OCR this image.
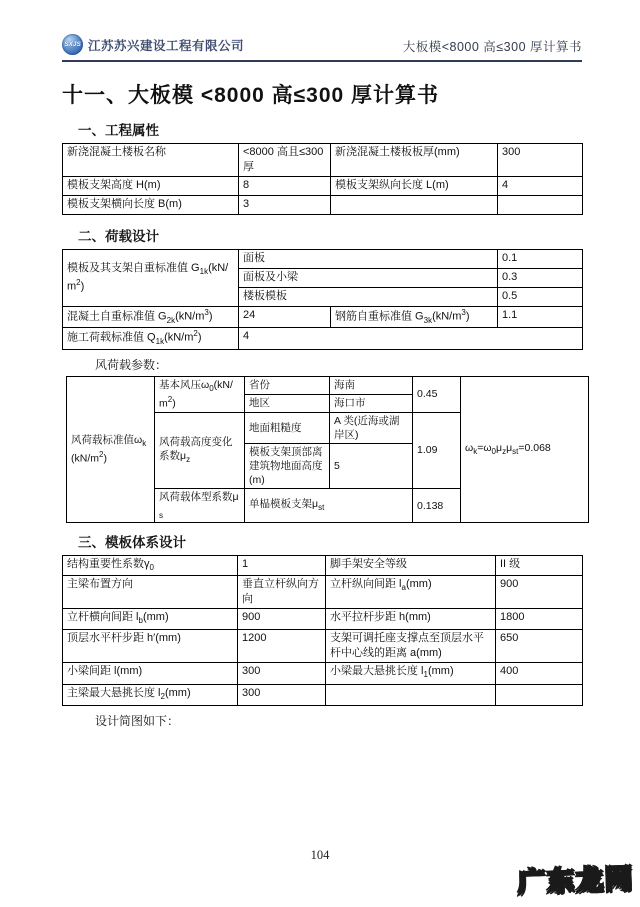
SXJS 江苏苏兴建设工程有限公司	大板模<8000 高≤300 厚计算书
十一、大板模 <8000 高≤300 厚计算书
一、工程属性
新浇混凝土楼板名称	<8000 高且≤300 厚	新浇混凝土楼板板厚(mm)	300
模板支架高度 H(m)	8	模板支架纵向长度 L(m)	4
模板支架横向长度 B(m)	3		
二、荷载设计
模板及其支架自重标准值 $G_{1k}(kN/m^2)$	面板		0.1
	面板及小梁		0.3
	楼板模板		0.5
混凝土自重标准值 $G_{2k}(kN/m^3)$	24	钢筋自重标准值 $G_{3k}(kN/m^3)$	1.1
施工荷载标准值 $Q_{1k}(kN/m^2)$	4		
风荷载参数：
风荷载标准值$\omega_k(kN/m^2)$	基本风压$\omega_0(kN/m^2)$	省份	海南	0.45	$\omega_k=\omega_0\mu_z\mu_{st}=0.068$
		地区	海口市		
	风荷载高度变化系数$\mu_z$	地面粗糙度	A 类(近海或湖岸区)	1.09	
		模板支架顶部离建筑物地面高度(m)	5		
	风荷载体型系数$\mu_s$	单榀模板支架$\mu_{st}$		0.138	
三、模板体系设计
结构重要性系数$\gamma_0$	1	脚手架安全等级	II 级
主梁布置方向	垂直立杆纵向方向	立杆纵向间距 $l_a(mm)$	900
立杆横向间距 $l_b(mm)$	900	水平拉杆步距 h(mm)	1800
顶层水平杆步距 h′(mm)	1200	支架可调托座支撑点至顶层水平杆中心线的距离 a(mm)	650
小梁间距 l(mm)	300	小梁最大悬挑长度 $l_1(mm)$	400
主梁最大悬挑长度 $l_2(mm)$	300		
设计简图如下：
104
广东龙网
